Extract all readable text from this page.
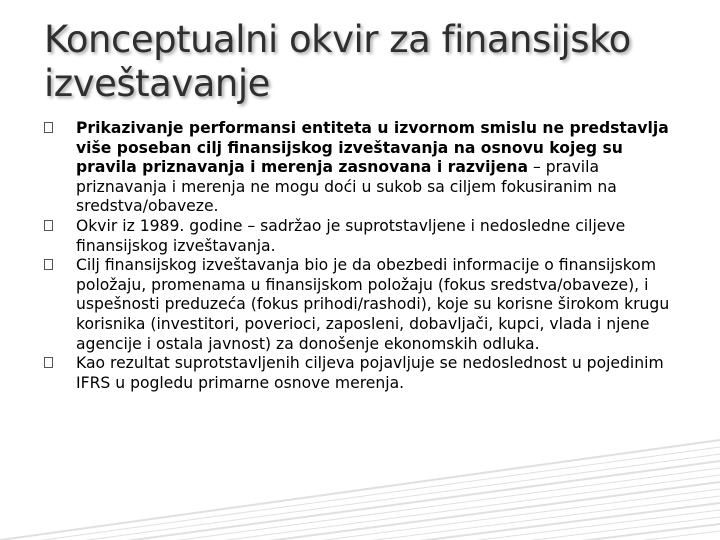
Konceptualni okvir za finansijsko
izveštavanje
Prikazivanje performansi entiteta u izvornom smislu ne predstavlja više poseban cilj finansijskog izveštavanja na osnovu kojeg su pravila priznavanja i merenja zasnovana i razvijena – pravila priznavanja i merenja ne mogu doći u sukob sa ciljem fokusiranim na sredstva/obaveze.
Okvir iz 1989. godine – sadržao je suprotstavljene i nedosledne ciljeve finansijskog izveštavanja.
Cilj finansijskog izveštavanja bio je da obezbedi informacije o finansijskom položaju, promenama u finansijskom položaju (fokus sredstva/obaveze), i uspešnosti preduzeća (fokus prihodi/rashodi), koje su korisne širokom krugu korisnika (investitori, poverioci, zaposleni, dobavljači, kupci, vlada i njene agencije i ostala javnost) za donošenje ekonomskih odluka.
Kao rezultat suprotstavljenih ciljeva pojavljuje se nedoslednost u pojedinim IFRS u pogledu primarne osnove merenja.
